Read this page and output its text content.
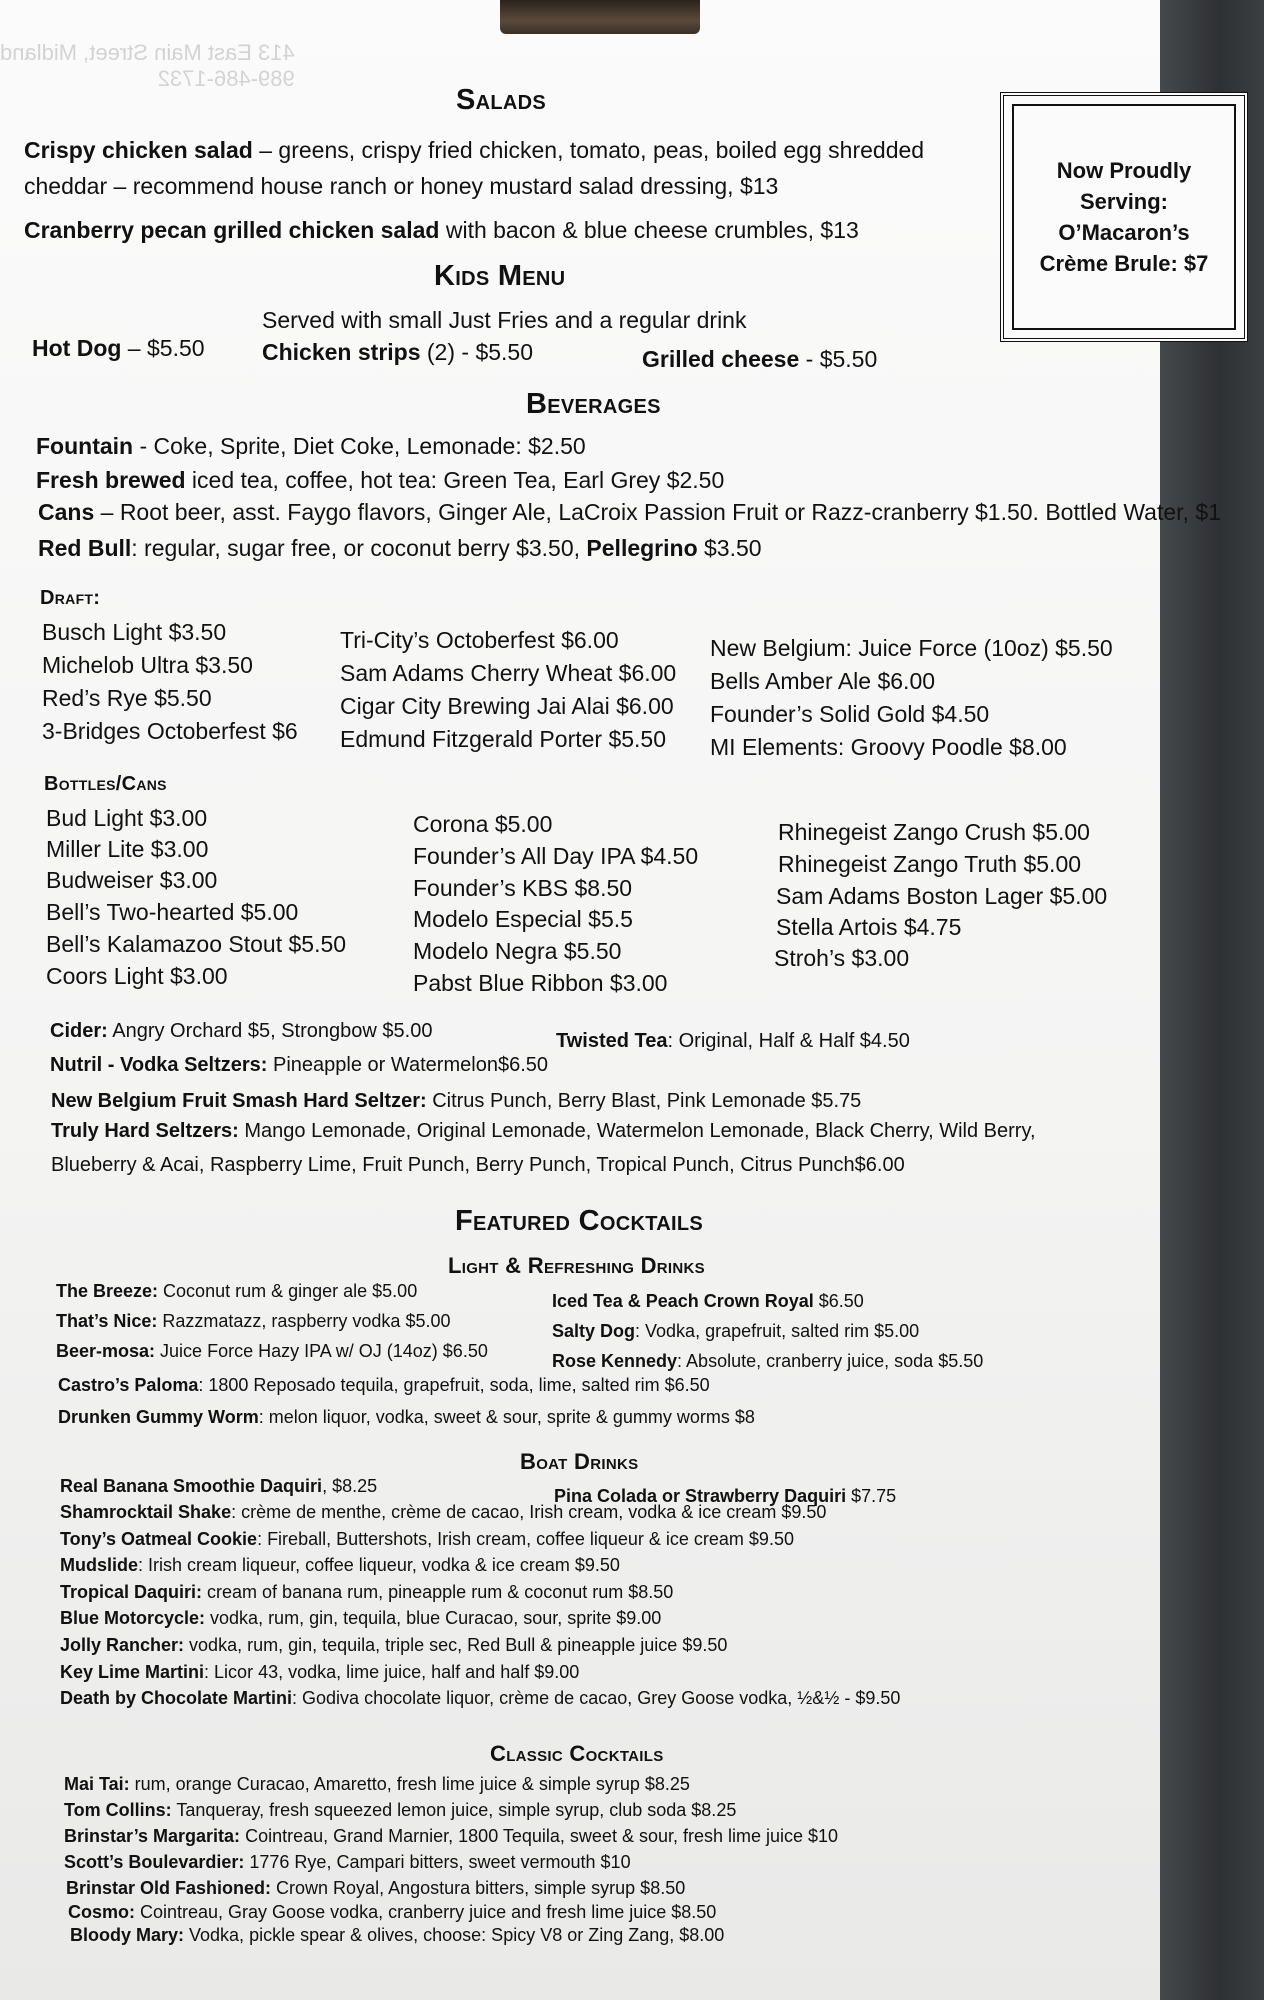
413 East Main Street, Midland
989-486-1732
Salads
Crispy chicken salad – greens, crispy fried chicken, tomato, peas, boiled egg shredded
cheddar – recommend house ranch or honey mustard salad dressing, $13
Cranberry pecan grilled chicken salad with bacon & blue cheese crumbles, $13
Kids Menu
Served with small Just Fries and a regular drink
Hot Dog – $5.50 Chicken strips (2) - $5.50	Grilled cheese - $5.50
Now Proudly
Serving:
O’Macaron’s
Crème Brule: $7
Beverages
Fountain - Coke, Sprite, Diet Coke, Lemonade: $2.50
Fresh brewed iced tea, coffee, hot tea: Green Tea, Earl Grey $2.50
Cans – Root beer, asst. Faygo flavors, Ginger Ale, LaCroix Passion Fruit or Razz-cranberry $1.50. Bottled Water, $1
Red Bull: regular, sugar free, or coconut berry $3.50, Pellegrino $3.50
Draft:
Busch Light $3.50
Michelob Ultra $3.50
Red’s Rye $5.50
3-Bridges Octoberfest $6
Tri-City’s Octoberfest $6.00
Sam Adams Cherry Wheat $6.00
Cigar City Brewing Jai Alai $6.00
Edmund Fitzgerald Porter $5.50
New Belgium: Juice Force (10oz) $5.50
Bells Amber Ale $6.00
Founder’s Solid Gold $4.50
MI Elements: Groovy Poodle $8.00
Bottles/Cans
Bud Light $3.00
Miller Lite $3.00
Budweiser $3.00
Bell’s Two-hearted $5.00
Bell’s Kalamazoo Stout $5.50
Coors Light $3.00
Corona $5.00
Founder’s All Day IPA $4.50
Founder’s KBS $8.50
Modelo Especial $5.5
Modelo Negra $5.50
Pabst Blue Ribbon $3.00
Rhinegeist Zango Crush $5.00
Rhinegeist Zango Truth $5.00
Sam Adams Boston Lager $5.00
Stella Artois $4.75
Stroh’s $3.00
Cider: Angry Orchard $5, Strongbow $5.00	Twisted Tea: Original, Half & Half $4.50
Nutril - Vodka Seltzers: Pineapple or Watermelon$6.50
New Belgium Fruit Smash Hard Seltzer: Citrus Punch, Berry Blast, Pink Lemonade $5.75
Truly Hard Seltzers: Mango Lemonade, Original Lemonade, Watermelon Lemonade, Black Cherry, Wild Berry,
Blueberry & Acai, Raspberry Lime, Fruit Punch, Berry Punch, Tropical Punch, Citrus Punch$6.00
Featured Cocktails
Light & Refreshing Drinks
The Breeze: Coconut rum & ginger ale $5.00
That’s Nice: Razzmatazz, raspberry vodka $5.00
Beer-mosa: Juice Force Hazy IPA w/ OJ (14oz) $6.50
Iced Tea & Peach Crown Royal $6.50
Salty Dog: Vodka, grapefruit, salted rim $5.00
Rose Kennedy: Absolute, cranberry juice, soda $5.50
Castro’s Paloma: 1800 Reposado tequila, grapefruit, soda, lime, salted rim $6.50
Drunken Gummy Worm: melon liquor, vodka, sweet & sour, sprite & gummy worms $8
Boat Drinks
Real Banana Smoothie Daquiri, $8.25	Pina Colada or Strawberry Daquiri $7.75
Shamrocktail Shake: crème de menthe, crème de cacao, Irish cream, vodka & ice cream $9.50
Tony’s Oatmeal Cookie: Fireball, Buttershots, Irish cream, coffee liqueur & ice cream $9.50
Mudslide: Irish cream liqueur, coffee liqueur, vodka & ice cream $9.50
Tropical Daquiri: cream of banana rum, pineapple rum & coconut rum $8.50
Blue Motorcycle: vodka, rum, gin, tequila, blue Curacao, sour, sprite $9.00
Jolly Rancher: vodka, rum, gin, tequila, triple sec, Red Bull & pineapple juice $9.50
Key Lime Martini: Licor 43, vodka, lime juice, half and half $9.00
Death by Chocolate Martini: Godiva chocolate liquor, crème de cacao, Grey Goose vodka, ½&½ - $9.50
Classic Cocktails
Mai Tai: rum, orange Curacao, Amaretto, fresh lime juice & simple syrup $8.25
Tom Collins: Tanqueray, fresh squeezed lemon juice, simple syrup, club soda $8.25
Brinstar’s Margarita: Cointreau, Grand Marnier, 1800 Tequila, sweet & sour, fresh lime juice $10
Scott’s Boulevardier: 1776 Rye, Campari bitters, sweet vermouth $10
Brinstar Old Fashioned: Crown Royal, Angostura bitters, simple syrup $8.50
Cosmo: Cointreau, Gray Goose vodka, cranberry juice and fresh lime juice $8.50
Bloody Mary: Vodka, pickle spear & olives, choose: Spicy V8 or Zing Zang, $8.00
